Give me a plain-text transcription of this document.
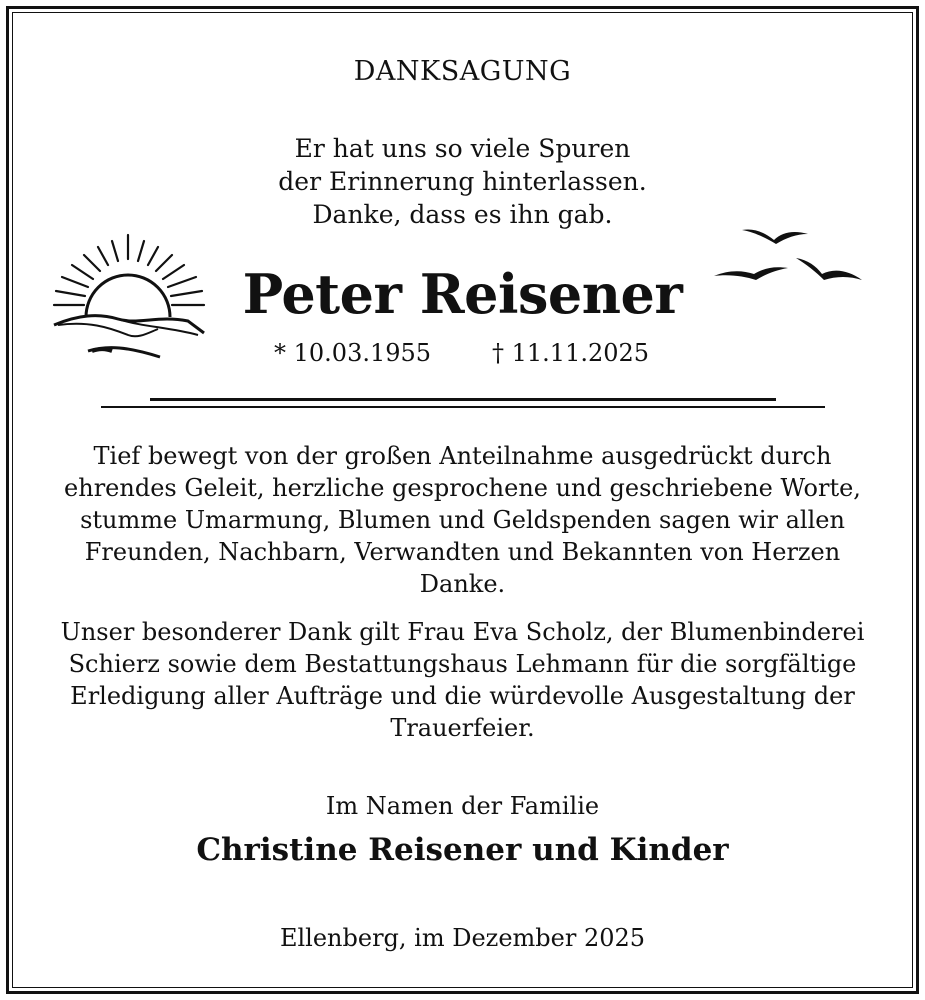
DANKSAGUNG
Er hat uns so viele Spuren
der Erinnerung hinterlassen.
Danke, dass es ihn gab.
Peter Reisener
* 10.03.1955	† 11.11.2025
Tief bewegt von der großen Anteilnahme ausgedrückt durch ehrendes Geleit, herzliche gesprochene und geschriebene Worte, stumme Umarmung, Blumen und Geldspenden sagen wir allen Freunden, Nachbarn, Verwandten und Bekannten von Herzen Danke.
Unser besonderer Dank gilt Frau Eva Scholz, der Blumenbinderei Schierz sowie dem Bestattungshaus Lehmann für die sorgfältige Erledigung aller Aufträge und die würdevolle Ausgestaltung der Trauerfeier.
Im Namen der Familie
Christine Reisener und Kinder
Ellenberg, im Dezember 2025
